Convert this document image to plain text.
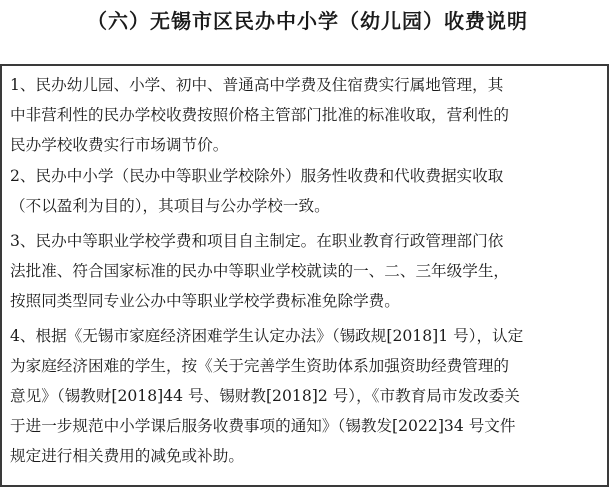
（六）无锡市区民办中小学（幼儿园）收费说明
1、民办幼儿园、小学、初中、普通高中学费及住宿费实行属地管理，其
中非营利性的民办学校收费按照价格主管部门批准的标准收取，营利性的
民办学校收费实行市场调节价。
2、民办中小学（民办中等职业学校除外）服务性收费和代收费据实收取
（不以盈利为目的），其项目与公办学校一致。
3、民办中等职业学校学费和项目自主制定。在职业教育行政管理部门依
法批准、符合国家标准的民办中等职业学校就读的一、二、三年级学生，
按照同类型同专业公办中等职业学校学费标准免除学费。
4、根据《无锡市家庭经济困难学生认定办法》（锡政规[2018]1 号），认定
为家庭经济困难的学生，按《关于完善学生资助体系加强资助经费管理的
意见》（锡教财[2018]44 号、锡财教[2018]2 号），《市教育局市发改委关
于进一步规范中小学课后服务收费事项的通知》（锡教发[2022]34 号文件
规定进行相关费用的减免或补助。
